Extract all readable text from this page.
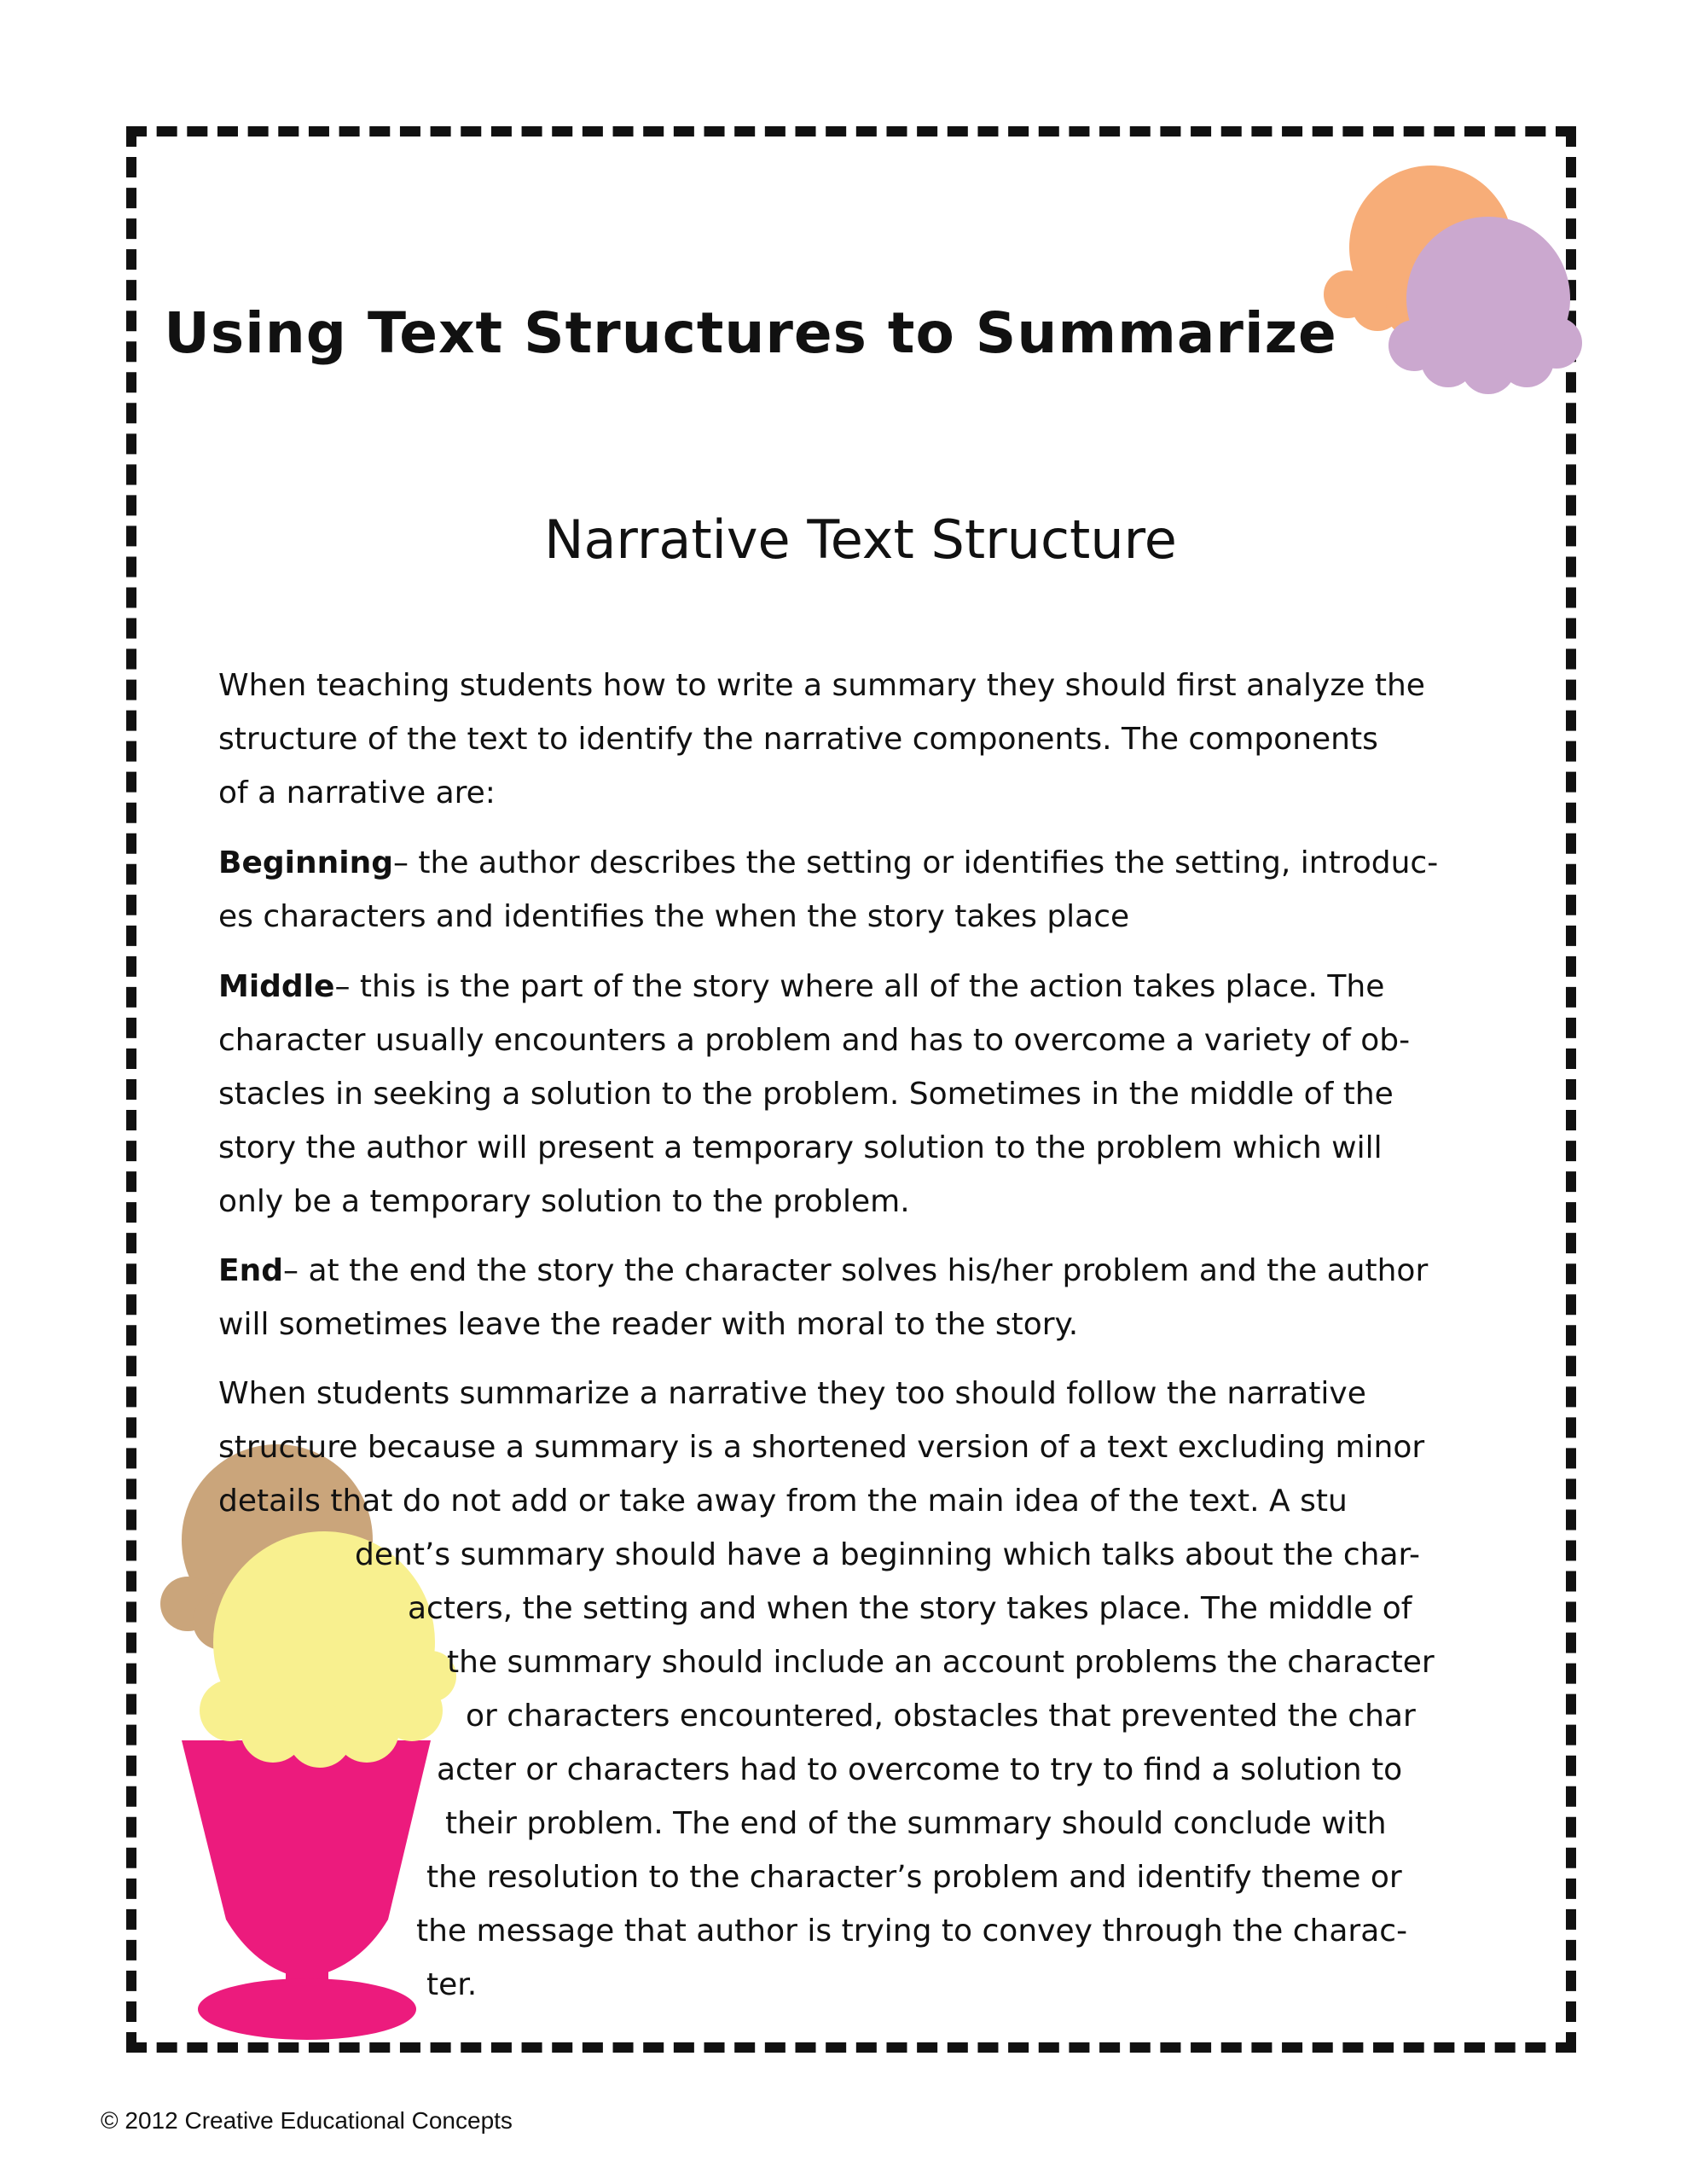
Using Text Structures to Summarize
Narrative Text Structure

When teaching students how to write a summary they should first analyze the
structure of the text to identify the narrative components. The components
of a narrative are:

Beginning– the author describes the setting or identifies the setting, introduc-
es characters and identifies the when the story takes place

Middle– this is the part of the story where all of the action takes place. The
character usually encounters a problem and has to overcome a variety of ob-
stacles in seeking a solution to the problem. Sometimes in the middle of the
story the author will present a temporary solution to the problem which will
only be a temporary solution to the problem.

End– at the end the story the character solves his/her problem and the author
will sometimes leave the reader with moral to the story.

When students summarize a narrative they too should follow the narrative
structure because a summary is a shortened version of a text excluding minor
details that do not add or take away from the main idea of the text. A stu
dent’s summary should have a beginning which talks about the char-
acters, the setting and when the story takes place. The middle of
the summary should include an account problems the character
or characters encountered, obstacles that prevented the char
acter or characters had to overcome to try to find a solution to
their problem. The end of the summary should conclude with
the resolution to the character’s problem and identify theme or
the message that author is trying to convey through the charac-
ter.

© 2012 Creative Educational Concepts
